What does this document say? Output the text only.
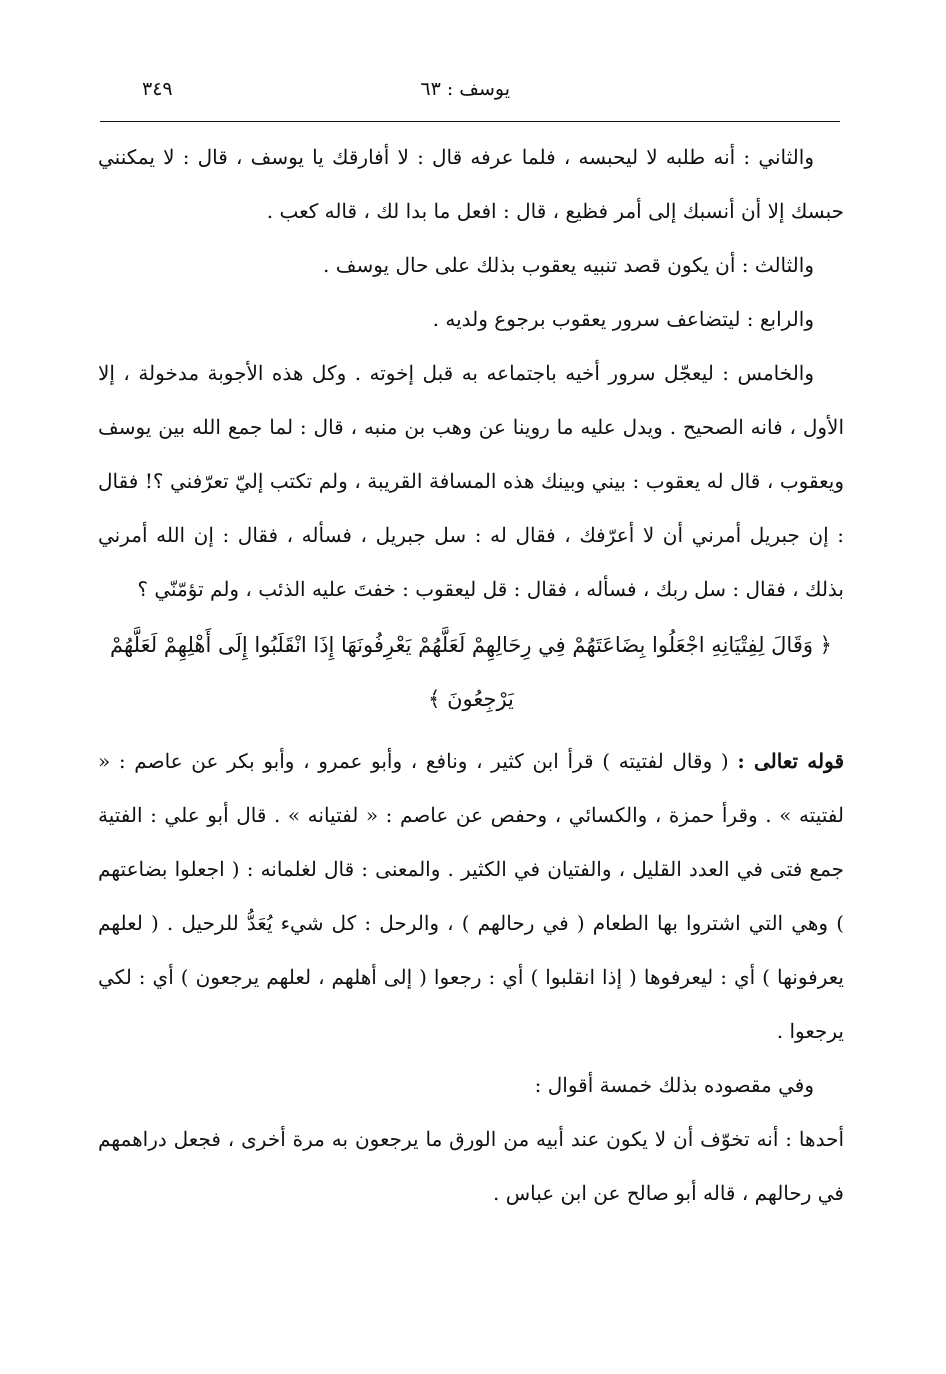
يوسف : ٦٣
٣٤٩

والثاني : أنه طلبه لا ليحبسه ، فلما عرفه قال : لا أفارقك يا يوسف ، قال : لا يمكنني حبسك إلا أن أنسبك إلى أمر فظيع ، قال : افعل ما بدا لك ، قاله كعب .

والثالث : أن يكون قصد تنبيه يعقوب بذلك على حال يوسف .

والرابع : ليتضاعف سرور يعقوب برجوع ولديه .

والخامس : ليعجّل سرور أخيه باجتماعه به قبل إخوته . وكل هذه الأجوبة مدخولة ، إلا الأول ، فانه الصحيح . ويدل عليه ما روينا عن وهب بن منبه ، قال : لما جمع الله بين يوسف ويعقوب ، قال له يعقوب : بيني وبينك هذه المسافة القريبة ، ولم تكتب إليّ تعرّفني ؟! فقال : إن جبريل أمرني أن لا أعرّفك ، فقال له : سل جبريل ، فسأله ، فقال : إن الله أمرني بذلك ، فقال : سل ربك ، فسأله ، فقال : قل ليعقوب : خفتَ عليه الذئب ، ولم تؤمّنّي ؟

﴿ وَقَالَ لِفِتْيَانِهِ اجْعَلُوا بِضَاعَتَهُمْ فِي رِحَالِهِمْ لَعَلَّهُمْ يَعْرِفُونَهَا إِذَا انْقَلَبُوا إِلَى أَهْلِهِمْ لَعَلَّهُمْ يَرْجِعُونَ ﴾

قوله تعالى : ( وقال لفتيته ) قرأ ابن كثير ، ونافع ، وأبو عمرو ، وأبو بكر عن عاصم : « لفتيته » . وقرأ حمزة ، والكسائي ، وحفص عن عاصم : « لفتيانه » . قال أبو علي : الفتية جمع فتى في العدد القليل ، والفتيان في الكثير . والمعنى : قال لغلمانه : ( اجعلوا بضاعتهم ) وهي التي اشتروا بها الطعام ( في رحالهم ) ، والرحل : كل شيء يُعَدُّ للرحيل . ( لعلهم يعرفونها ) أي : ليعرفوها ( إذا انقلبوا ) أي : رجعوا ( إلى أهلهم ، لعلهم يرجعون ) أي : لكي يرجعوا .

وفي مقصوده بذلك خمسة أقوال :

أحدها : أنه تخوّف أن لا يكون عند أبيه من الورق ما يرجعون به مرة أخرى ، فجعل دراهمهم في رحالهم ، قاله أبو صالح عن ابن عباس .
